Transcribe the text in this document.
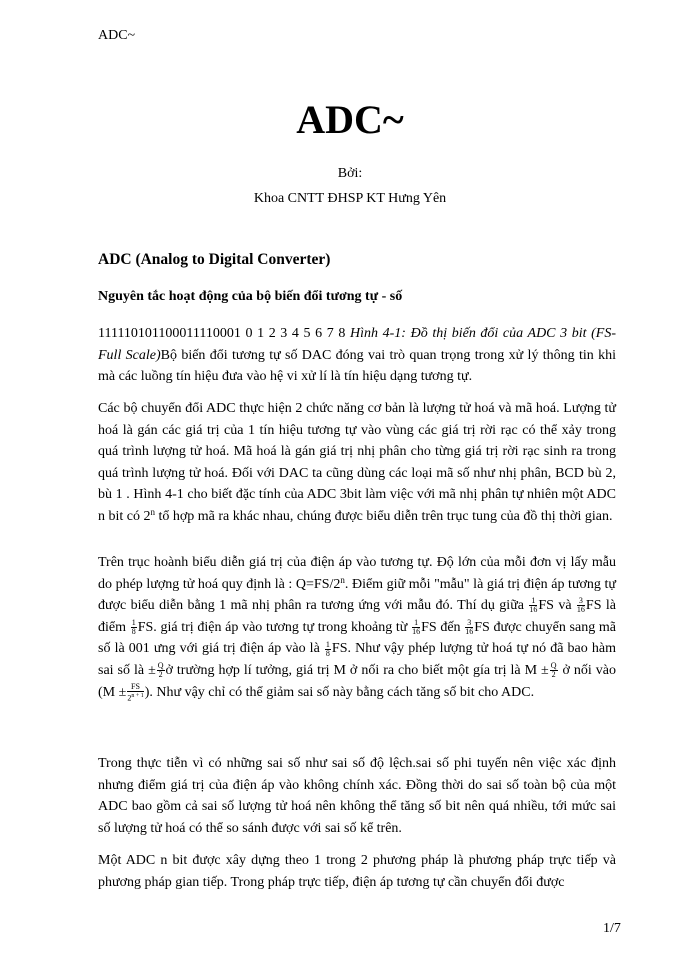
ADC~
ADC~
Bởi:
Khoa CNTT ĐHSP KT Hưng Yên
ADC (Analog to Digital Converter)
Nguyên tắc hoạt động của bộ biến đổi tương tự - số
111110101100011110001 0 1 2 3 4 5 6 7 8 Hình 4-1: Đồ thị biến đổi của ADC 3 bit (FS-Full Scale)Bộ biến đổi tương tự số DAC đóng vai trò quan trọng trong xử lý thông tin khi mà các luồng tín hiệu đưa vào hệ vi xử lí là tín hiệu dạng tương tự.
Các bộ chuyển đổi ADC thực hiện 2 chức năng cơ bản là lượng tử hoá và mã hoá. Lượng tử hoá là gán các giá trị của 1 tín hiệu tương tự vào vùng các giá trị rời rạc có thể xảy trong quá trình lượng tử hoá. Mã hoá là gán giá trị nhị phân cho từng giá trị rời rạc sinh ra trong quá trình lượng tử hoá. Đối với DAC ta cũng dùng các loại mã số như nhị phân, BCD bù 2, bù 1 . Hình 4-1 cho biết đặc tính của ADC 3bit làm việc với mã nhị phân tự nhiên một ADC n bit có 2$^n$ tổ hợp mã ra khác nhau, chúng được biểu diễn trên trục tung của đồ thị thời gian.
Trên trục hoành biểu diễn giá trị của điện áp vào tương tự. Độ lớn của mỗi đơn vị lấy mẫu do phép lượng tử hoá quy định là : $Q=FS/2^n$. Điểm giữ mỗi "mẫu" là giá trị điện áp tương tự được biểu diễn bằng 1 mã nhị phân ra tương ứng với mẫu đó. Thí dụ giữa $\frac{1}{16}$ FS và $\frac{3}{16}$ FS là điểm $\frac{1}{8}$ FS. giá trị điện áp vào tương tự trong khoảng từ $\frac{1}{16}$ FS đến $\frac{3}{16}$ FS được chuyển sang mã số là 001 ưng với giá trị điện áp vào là $\frac{1}{8}$ FS. Như vậy phép lượng tử hoá tự nó đã bao hàm sai số là ± $\frac{Q}{2}$ ở trường hợp lí tưởng, giá trị M ở nối ra cho biết một gía trị là $M \pm \frac{Q}{2}$ ở nối vào ($M \pm \frac{FS}{2^{n + 1}}$ ). Như vậy chỉ có thể giảm sai số này bằng cách tăng số bit cho ADC.
Trong thực tiễn vì có những sai số như sai số độ lệch.sai số phi tuyến nên việc xác định nhưng điểm giá trị của điện áp vào không chính xác. Đồng thời do sai số toàn bộ của một ADC bao gồm cả sai số lượng tử hoá nên không thể tăng số bit nên quá nhiều, tới mức sai số lượng tử hoá có thể so sánh được với sai số kể trên.
Một ADC n bit được xây dựng theo 1 trong 2 phương pháp là phương pháp trực tiếp và phương pháp gian tiếp. Trong pháp trực tiếp, điện áp tương tự cần chuyển đổi được
1/7
